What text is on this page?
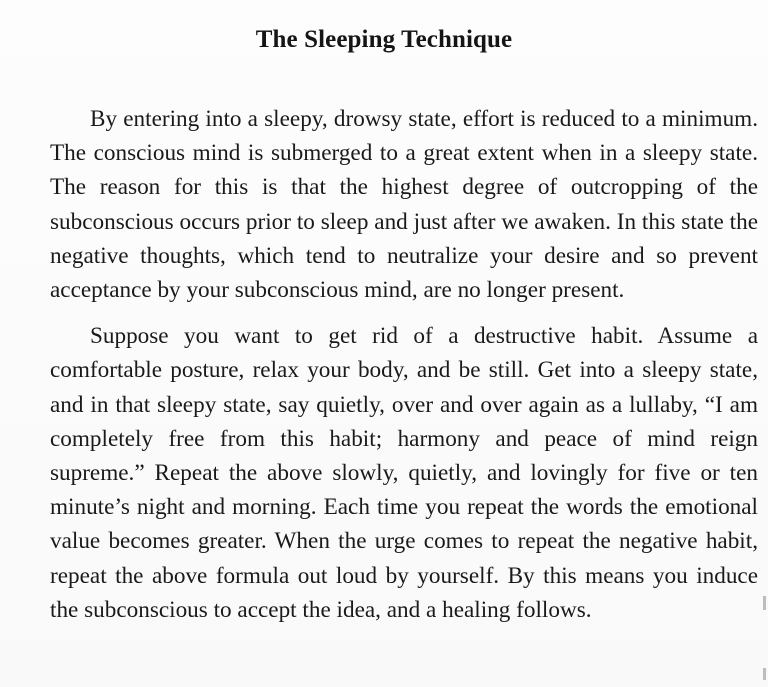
The Sleeping Technique

By entering into a sleepy, drowsy state, effort is reduced to a minimum. The conscious mind is submerged to a great extent when in a sleepy state. The reason for this is that the highest degree of outcropping of the subconscious occurs prior to sleep and just after we awaken. In this state the negative thoughts, which tend to neutralize your desire and so prevent acceptance by your subconscious mind, are no longer present.

Suppose you want to get rid of a destructive habit. Assume a comfortable posture, relax your body, and be still. Get into a sleepy state, and in that sleepy state, say quietly, over and over again as a lullaby, “I am completely free from this habit; harmony and peace of mind reign supreme.” Repeat the above slowly, quietly, and lovingly for five or ten minute’s night and morning. Each time you repeat the words the emotional value becomes greater. When the urge comes to repeat the negative habit, repeat the above formula out loud by yourself. By this means you induce the subconscious to accept the idea, and a healing follows.
